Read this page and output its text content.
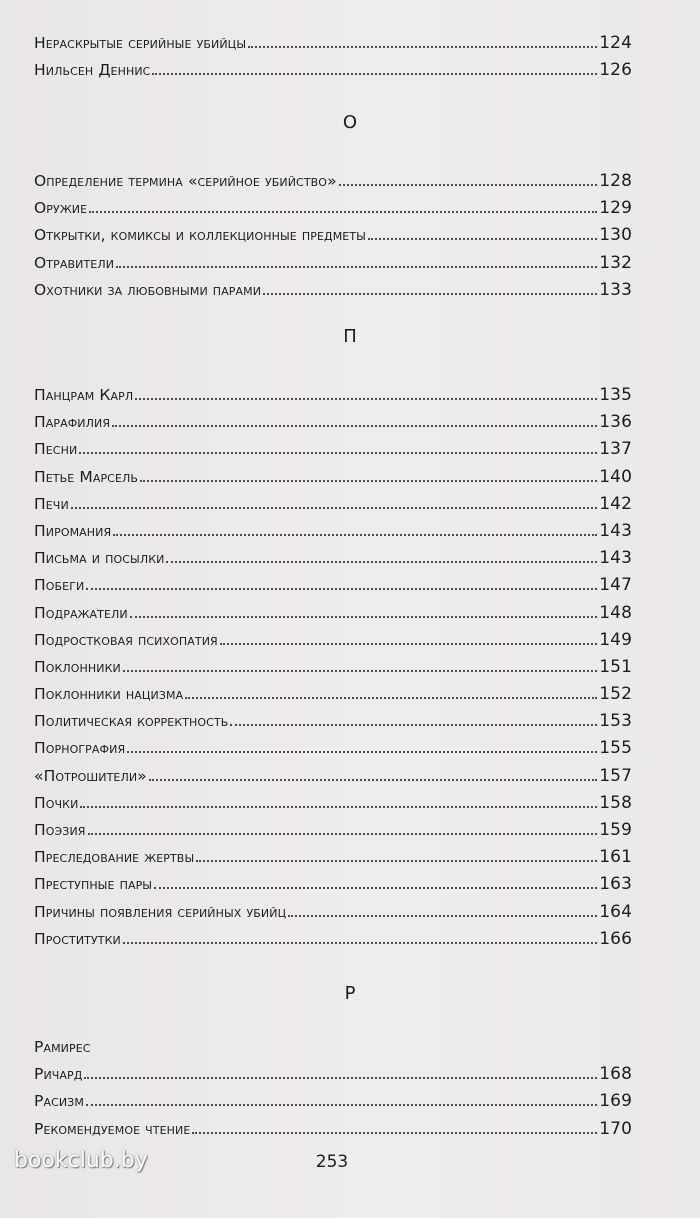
Нераскрытые серийные убийцы	124
Нильсен Деннис	126
О
Определение термина «серийное убийство»	128
Оружие	129
Открытки, комиксы и коллекционные предметы	130
Отравители	132
Охотники за любовными парами	133
П
Панцрам Карл	135
Парафилия	136
Песни	137
Петье Марсель	140
Печи	142
Пиромания	143
Письма и посылки	143
Побеги	147
Подражатели	148
Подростковая психопатия	149
Поклонники	151
Поклонники нацизма	152
Политическая корректность	153
Порнография	155
«Потрошители»	157
Почки	158
Поэзия	159
Преследование жертвы	161
Преступные пары	163
Причины появления серийных убийц	164
Проститутки	166
Р
Рамирес
Ричард	168
Расизм	169
Рекомендуемое чтение	170
bookclub.by	253
